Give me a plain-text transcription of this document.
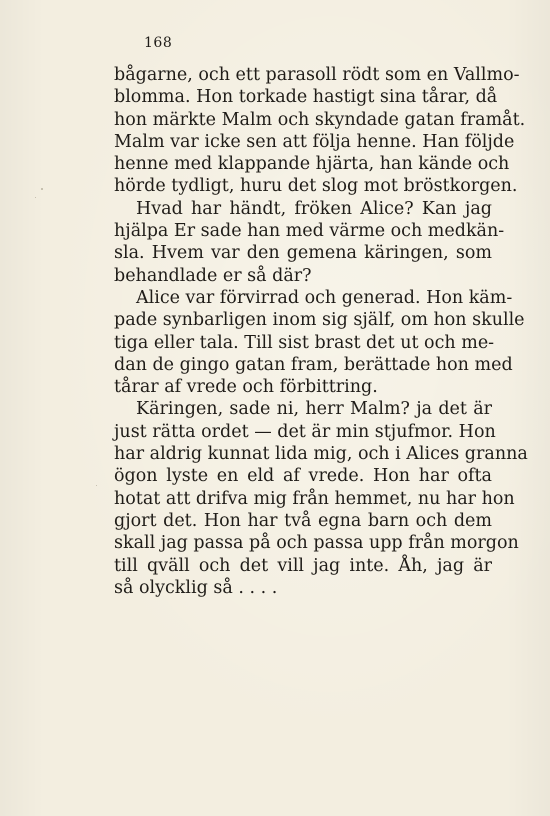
168
bågarne, och ett parasoll rödt som en Vallmo-
blomma. Hon torkade hastigt sina tårar, då
hon märkte Malm och skyndade gatan framåt.
Malm var icke sen att följa henne. Han följde
henne med klappande hjärta, han kände och
hörde tydligt, huru det slog mot bröstkorgen.
Hvad har händt, fröken Alice? Kan jag
hjälpa Er sade han med värme och medkän-
sla. Hvem var den gemena käringen, som
behandlade er så där?
Alice var förvirrad och generad. Hon käm-
pade synbarligen inom sig själf, om hon skulle
tiga eller tala. Till sist brast det ut och me-
dan de gingo gatan fram, berättade hon med
tårar af vrede och förbittring.
Käringen, sade ni, herr Malm? ja det är
just rätta ordet — det är min stjufmor. Hon
har aldrig kunnat lida mig, och i Alices granna
ögon lyste en eld af vrede. Hon har ofta
hotat att drifva mig från hemmet, nu har hon
gjort det. Hon har två egna barn och dem
skall jag passa på och passa upp från morgon
till qväll och det vill jag inte. Åh, jag är
så olycklig så . . . .
